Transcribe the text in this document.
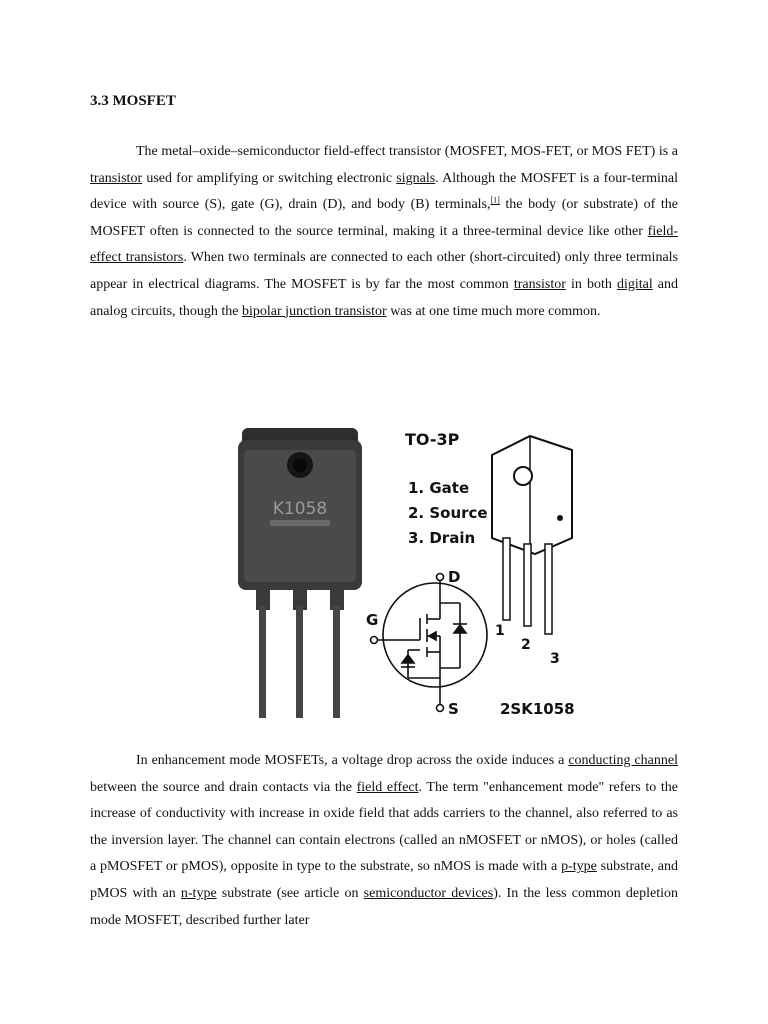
3.3 MOSFET

The metal–oxide–semiconductor field-effect transistor (MOSFET, MOS-FET, or MOS FET) is a transistor used for amplifying or switching electronic signals. Although the MOSFET is a four-terminal device with source (S), gate (G), drain (D), and body (B) terminals,[1] the body (or substrate) of the MOSFET often is connected to the source terminal, making it a three-terminal device like other field-effect transistors. When two terminals are connected to each other (short-circuited) only three terminals appear in electrical diagrams. The MOSFET is by far the most common transistor in both digital and analog circuits, though the bipolar junction transistor was at one time much more common.

K1058
TO-3P
1. Gate
2. Source
3. Drain
1
2
3
D
G
S	2SK1058

In enhancement mode MOSFETs, a voltage drop across the oxide induces a conducting channel between the source and drain contacts via the field effect. The term "enhancement mode" refers to the increase of conductivity with increase in oxide field that adds carriers to the channel, also referred to as the inversion layer. The channel can contain electrons (called an nMOSFET or nMOS), or holes (called a pMOSFET or pMOS), opposite in type to the substrate, so nMOS is made with a p-type substrate, and pMOS with an n-type substrate (see article on semiconductor devices). In the less common depletion mode MOSFET, described further later
